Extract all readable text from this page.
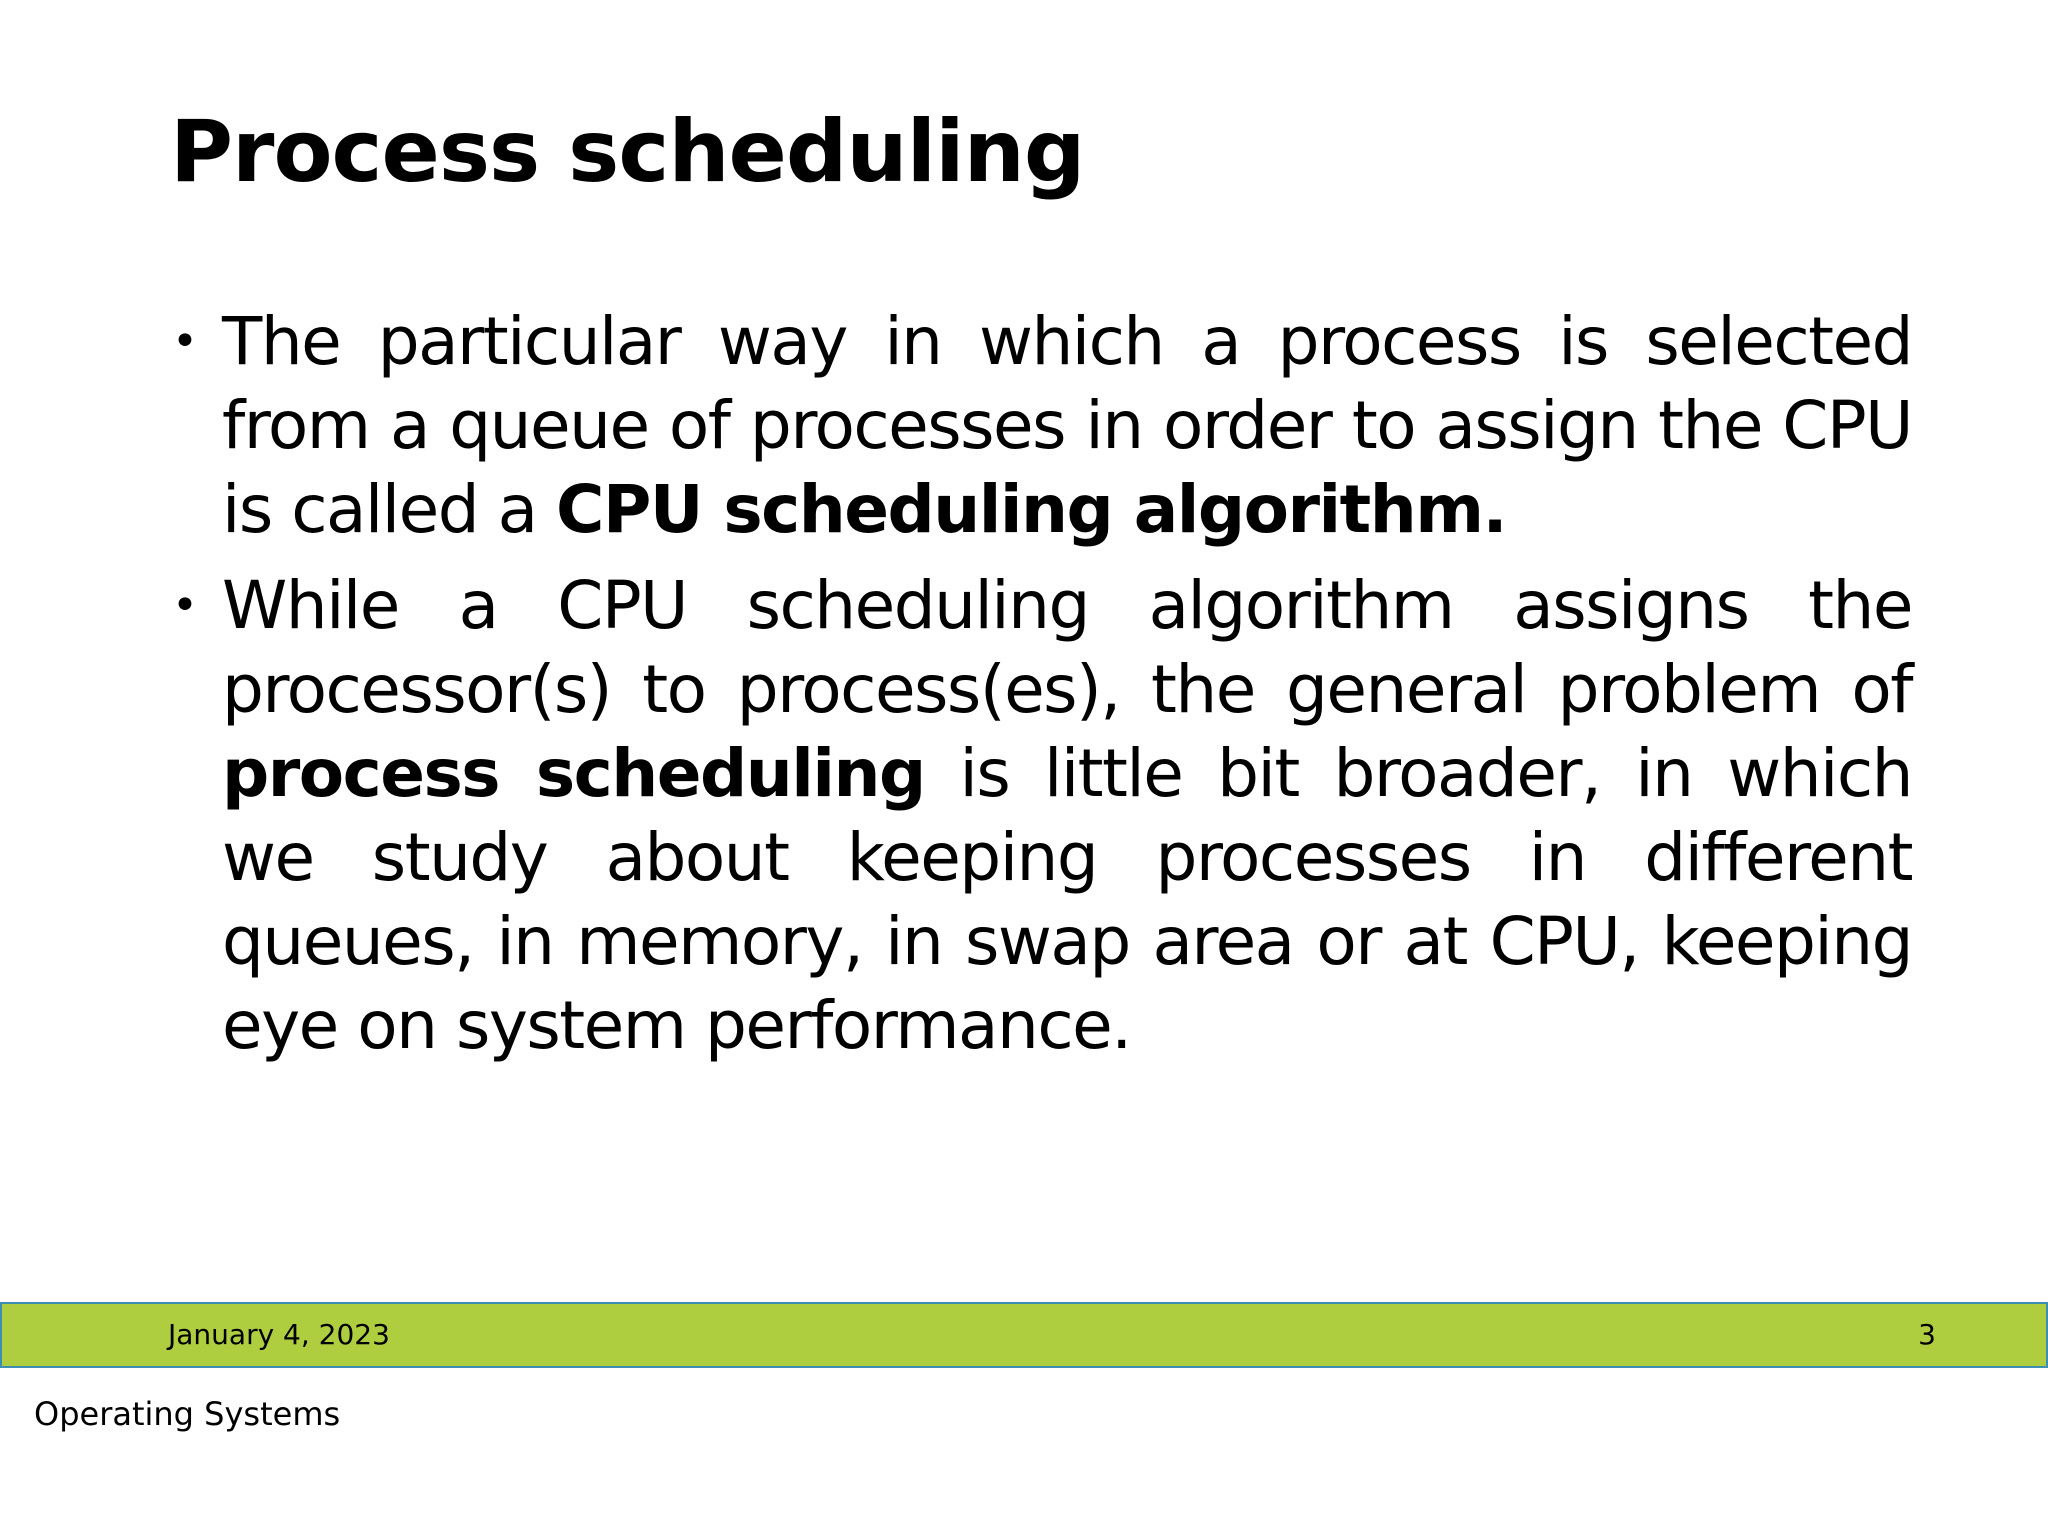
Process scheduling
• The particular way in which a process is selected from a queue of processes in order to assign the CPU is called a CPU scheduling algorithm.
• While a CPU scheduling algorithm assigns the processor(s) to process(es), the general problem of process scheduling is little bit broader, in which we study about keeping processes in different queues, in memory, in swap area or at CPU, keeping eye on system performance.
January 4, 2023	3
Operating Systems
